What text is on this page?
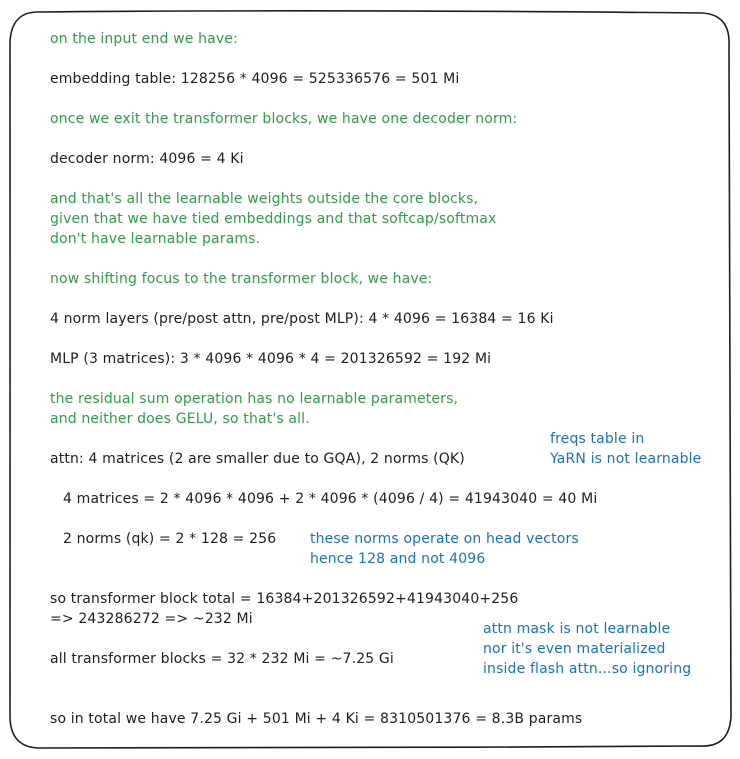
on the input end we have:
embedding table: 128256 * 4096 = 525336576 = 501 Mi
once we exit the transformer blocks, we have one decoder norm:
decoder norm: 4096 = 4 Ki
and that's all the learnable weights outside the core blocks,
given that we have tied embeddings and that softcap/softmax
don't have learnable params.
now shifting focus to the transformer block, we have:
4 norm layers (pre/post attn, pre/post MLP): 4 * 4096 = 16384 = 16 Ki
MLP (3 matrices): 3 * 4096 * 4096 * 4 = 201326592 = 192 Mi
the residual sum operation has no learnable parameters,
and neither does GELU, so that's all.
freqs table in
YaRN is not learnable
attn: 4 matrices (2 are smaller due to GQA), 2 norms (QK)
4 matrices = 2 * 4096 * 4096 + 2 * 4096 * (4096 / 4) = 41943040 = 40 Mi
2 norms (qk) = 2 * 128 = 256 these norms operate on head vectors
hence 128 and not 4096
so transformer block total = 16384+201326592+41943040+256
=> 243286272 => ~232 Mi
attn mask is not learnable
nor it's even materialized
inside flash attn...so ignoring
all transformer blocks = 32 * 232 Mi = ~7.25 Gi
so in total we have 7.25 Gi + 501 Mi + 4 Ki = 8310501376 = 8.3B params
